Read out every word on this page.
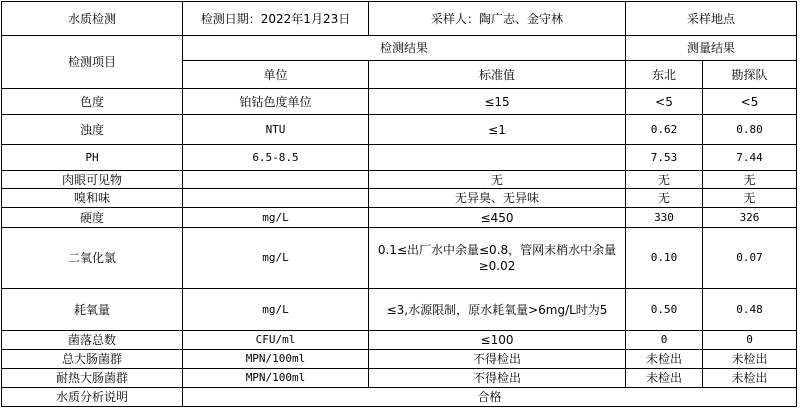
水质检测	检测日期：2022年1月23日	采样人：陶广志、金守林	采样地点	
检测项目	检测结果		测量结果	
	单位	标准值	东北	勘探队
色度	铂钴色度单位	≤15	<5	<5
浊度	NTU	≤1	0.62	0.80
PH	6.5-8.5		7.53	7.44
肉眼可见物		无	无	无
嗅和味		无异臭、无异味	无	无
硬度	mg/L	≤450	330	326
二氧化氯	mg/L	0.1≤出厂水中余量≤0.8，管网末梢水中余量≥0.02	0.10	0.07
耗氧量	mg/L	≤3,水源限制，原水耗氧量>6mg/L时为5	0.50	0.48
菌落总数	CFU/ml	≤100	0	0
总大肠菌群	MPN/100ml	不得检出	未检出	未检出
耐热大肠菌群	MPN/100ml	不得检出	未检出	未检出
水质分析说明	合格			
